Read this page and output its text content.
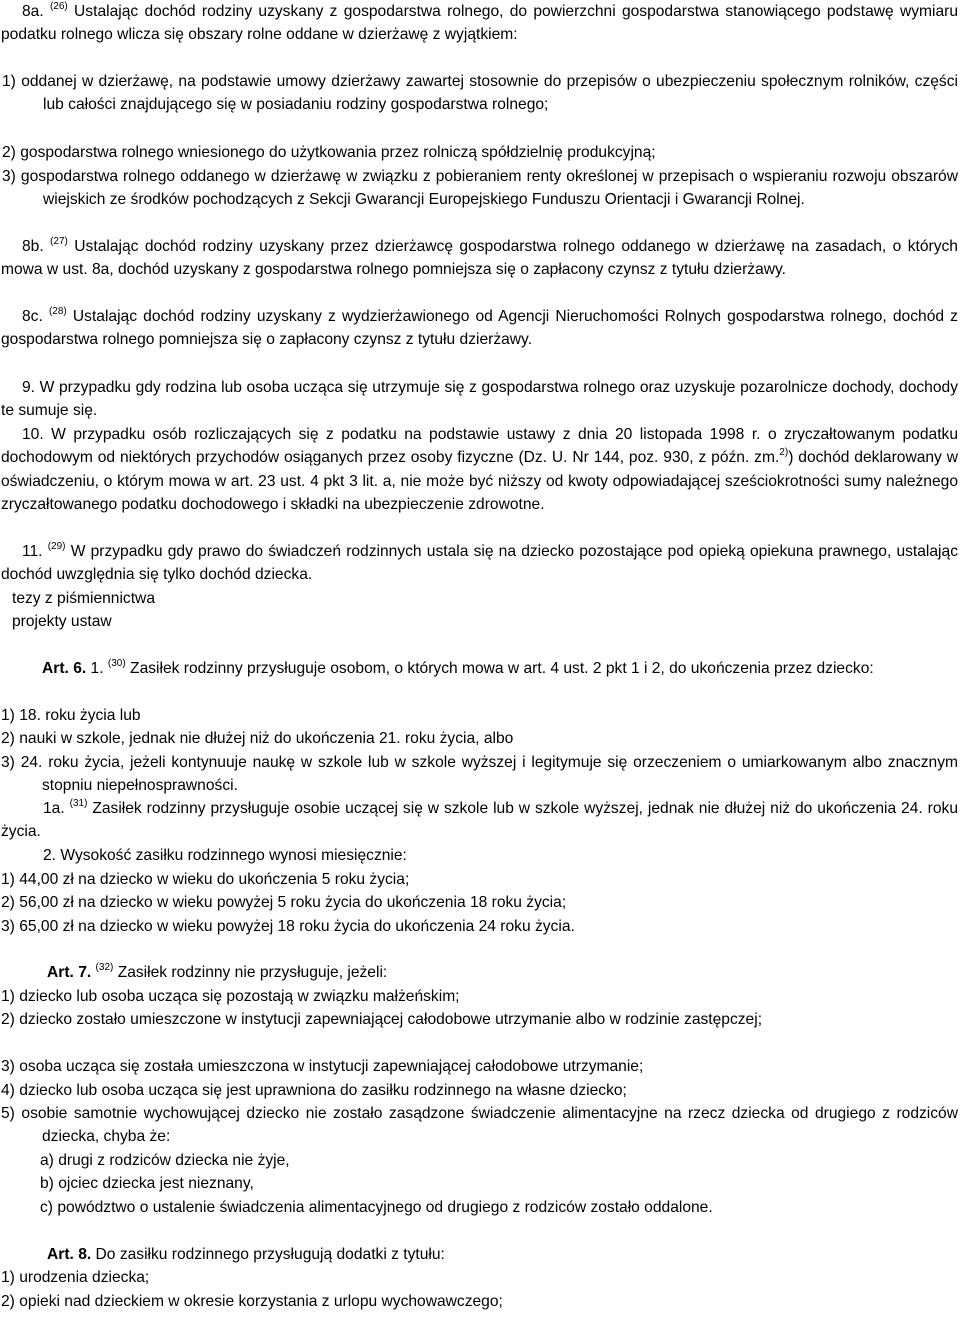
8a. $^{(26)}$ Ustalając dochód rodziny uzyskany z gospodarstwa rolnego, do powierzchni gospodarstwa stanowiącego podstawę wymiaru podatku rolnego wlicza się obszary rolne oddane w dzierżawę z wyjątkiem:
1) oddanej w dzierżawę, na podstawie umowy dzierżawy zawartej stosownie do przepisów o ubezpieczeniu społecznym rolników, części lub całości znajdującego się w posiadaniu rodziny gospodarstwa rolnego;
2) gospodarstwa rolnego wniesionego do użytkowania przez rolniczą spółdzielnię produkcyjną;
3) gospodarstwa rolnego oddanego w dzierżawę w związku z pobieraniem renty określonej w przepisach o wspieraniu rozwoju obszarów wiejskich ze środków pochodzących z Sekcji Gwarancji Europejskiego Funduszu Orientacji i Gwarancji Rolnej.
8b. $^{(27)}$ Ustalając dochód rodziny uzyskany przez dzierżawcę gospodarstwa rolnego oddanego w dzierżawę na zasadach, o których mowa w ust. 8a, dochód uzyskany z gospodarstwa rolnego pomniejsza się o zapłacony czynsz z tytułu dzierżawy.
8c. $^{(28)}$ Ustalając dochód rodziny uzyskany z wydzierżawionego od Agencji Nieruchomości Rolnych gospodarstwa rolnego, dochód z gospodarstwa rolnego pomniejsza się o zapłacony czynsz z tytułu dzierżawy.
9. W przypadku gdy rodzina lub osoba ucząca się utrzymuje się z gospodarstwa rolnego oraz uzyskuje pozarolnicze dochody, dochody te sumuje się.
10. W przypadku osób rozliczających się z podatku na podstawie ustawy z dnia 20 listopada 1998 r. o zryczałtowanym podatku dochodowym od niektórych przychodów osiąganych przez osoby fizyczne (Dz. U. Nr 144, poz. 930, z późn. zm.$^{2)}$) dochód deklarowany w oświadczeniu, o którym mowa w art. 23 ust. 4 pkt 3 lit. a, nie może być niższy od kwoty odpowiadającej sześciokrotności sumy należnego zryczałtowanego podatku dochodowego i składki na ubezpieczenie zdrowotne.
11. $^{(29)}$ W przypadku gdy prawo do świadczeń rodzinnych ustala się na dziecko pozostające pod opieką opiekuna prawnego, ustalając dochód uwzględnia się tylko dochód dziecka.
tezy z piśmiennictwa
projekty ustaw
Art. 6. 1. $^{(30)}$ Zasiłek rodzinny przysługuje osobom, o których mowa w art. 4 ust. 2 pkt 1 i 2, do ukończenia przez dziecko:
1) 18. roku życia lub
2) nauki w szkole, jednak nie dłużej niż do ukończenia 21. roku życia, albo
3) 24. roku życia, jeżeli kontynuuje naukę w szkole lub w szkole wyższej i legitymuje się orzeczeniem o umiarkowanym albo znacznym stopniu niepełnosprawności.
1a. $^{(31)}$ Zasiłek rodzinny przysługuje osobie uczącej się w szkole lub w szkole wyższej, jednak nie dłużej niż do ukończenia 24. roku życia.
2. Wysokość zasiłku rodzinnego wynosi miesięcznie:
1) 44,00 zł na dziecko w wieku do ukończenia 5 roku życia;
2) 56,00 zł na dziecko w wieku powyżej 5 roku życia do ukończenia 18 roku życia;
3) 65,00 zł na dziecko w wieku powyżej 18 roku życia do ukończenia 24 roku życia.
Art. 7. $^{(32)}$ Zasiłek rodzinny nie przysługuje, jeżeli:
1) dziecko lub osoba ucząca się pozostają w związku małżeńskim;
2) dziecko zostało umieszczone w instytucji zapewniającej całodobowe utrzymanie albo w rodzinie zastępczej;
3) osoba ucząca się została umieszczona w instytucji zapewniającej całodobowe utrzymanie;
4) dziecko lub osoba ucząca się jest uprawniona do zasiłku rodzinnego na własne dziecko;
5) osobie samotnie wychowującej dziecko nie zostało zasądzone świadczenie alimentacyjne na rzecz dziecka od drugiego z rodziców dziecka, chyba że:
a) drugi z rodziców dziecka nie żyje,
b) ojciec dziecka jest nieznany,
c) powództwo o ustalenie świadczenia alimentacyjnego od drugiego z rodziców zostało oddalone.
Art. 8. Do zasiłku rodzinnego przysługują dodatki z tytułu:
1) urodzenia dziecka;
2) opieki nad dzieckiem w okresie korzystania z urlopu wychowawczego;
